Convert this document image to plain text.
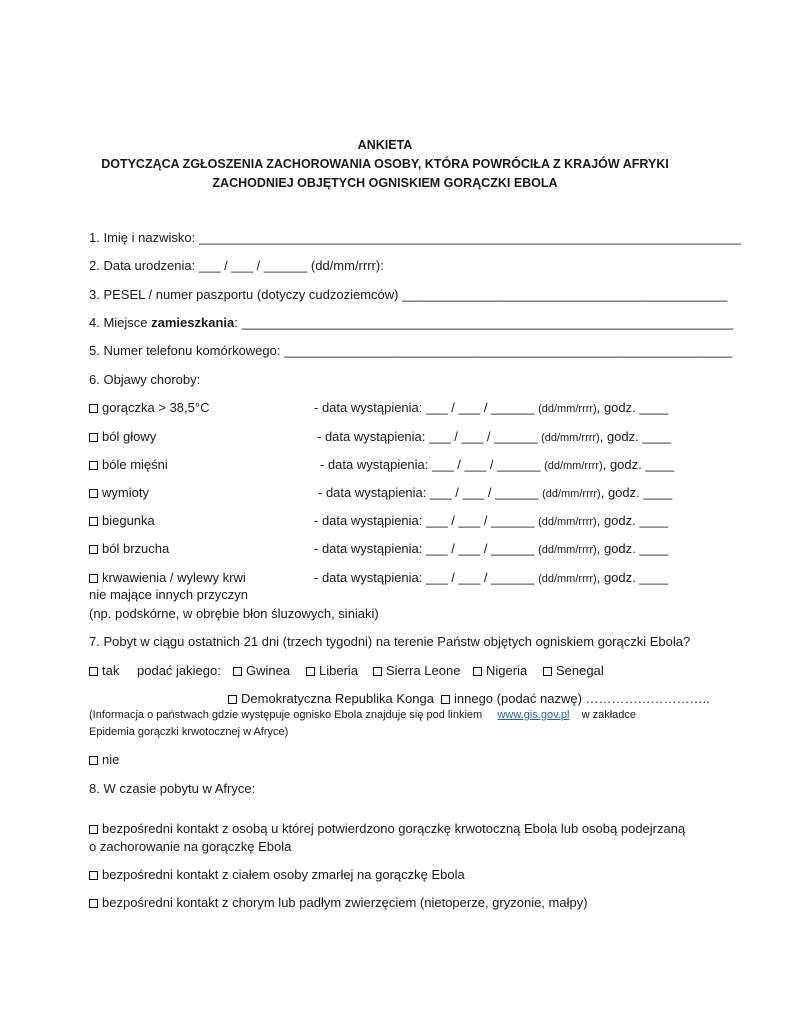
ANKIETA
DOTYCZĄCA ZGŁOSZENIA ZACHOROWANIA OSOBY, KTÓRA POWRÓCIŁA Z KRAJÓW AFRYKI
ZACHODNIEJ OBJĘTYCH OGNISKIEM GORĄCZKI EBOLA
1. Imię i nazwisko: ___________________________________________________________________________
2. Data urodzenia: ___ / ___ / ______ (dd/mm/rrrr):
3. PESEL / numer paszportu (dotyczy cudzoziemców) _____________________________________________
4. Miejsce zamieszkania: ____________________________________________________________________
5. Numer telefonu komórkowego: ______________________________________________________________
6. Objawy choroby:
gorączka > 38,5°C	- data wystąpienia: ___ / ___ / ______ (dd/mm/rrrr), godz. ____
ból głowy	- data wystąpienia: ___ / ___ / ______ (dd/mm/rrrr), godz. ____
bóle mięśni	- data wystąpienia: ___ / ___ / ______ (dd/mm/rrrr), godz. ____
wymioty	- data wystąpienia: ___ / ___ / ______ (dd/mm/rrrr), godz. ____
biegunka	- data wystąpienia: ___ / ___ / ______ (dd/mm/rrrr), godz. ____
ból brzucha	- data wystąpienia: ___ / ___ / ______ (dd/mm/rrrr), godz. ____
krwawienia / wylewy krwi	- data wystąpienia: ___ / ___ / ______ (dd/mm/rrrr), godz. ____
nie mające innych przyczyn
(np. podskórne, w obrębie błon śluzowych, siniaki)
7. Pobyt w ciągu ostatnich 21 dni (trzech tygodni) na terenie Państw objętych ogniskiem gorączki Ebola?
tak podać jakiego:	Gwinea	Liberia	Sierra Leone	Nigeria	Senegal
Demokratyczna Republika Konga	innego (podać nazwę) ………………………..
(Informacja o państwach gdzie występuje ognisko Ebola znajduje się pod linkiem www.gis.gov.pl w zakładce
Epidemia gorączki krwotocznej w Afryce)
nie
8. W czasie pobytu w Afryce:
bezpośredni kontakt z osobą u której potwierdzono gorączkę krwotoczną Ebola lub osobą podejrzaną
o zachorowanie na gorączkę Ebola
bezpośredni kontakt z ciałem osoby zmarłej na gorączkę Ebola
bezpośredni kontakt z chorym lub padłym zwierzęciem (nietoperze, gryzonie, małpy)
